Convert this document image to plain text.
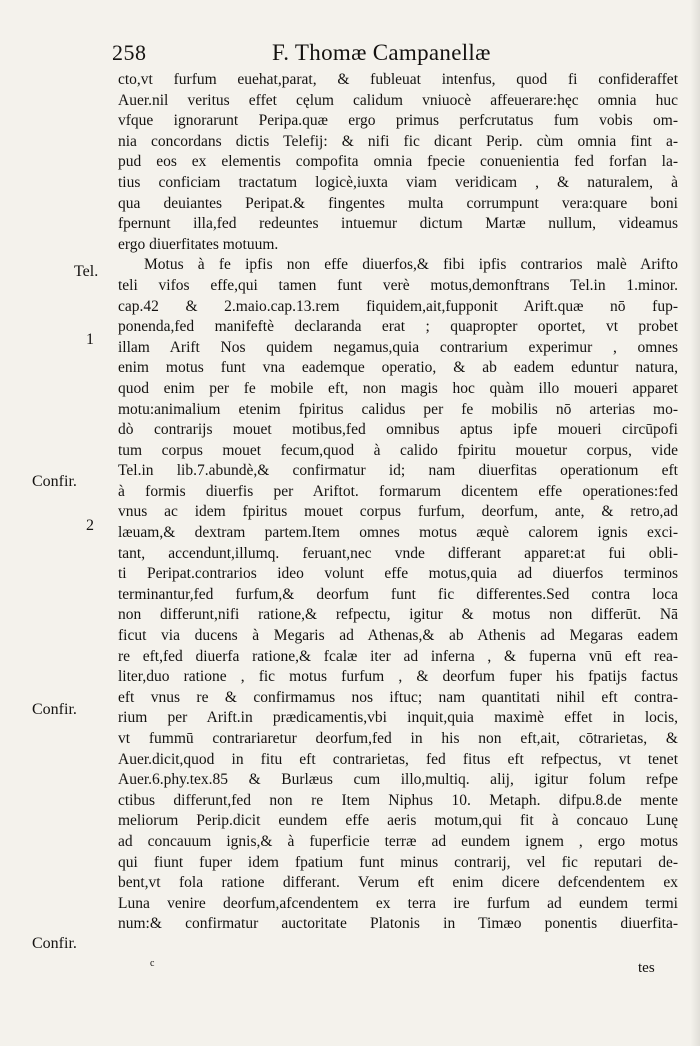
258	F. Thomæ Campanellæ
cto,vt furfum euehat,parat, & fubleuat intenfus, quod fi confideraffet
Auer.nil veritus effet cęlum calidum vniuocè affeuerare:hęc omnia huc
vfque ignorarunt Peripa.quæ ergo primus perfcrutatus fum vobis om-
nia concordans dictis Telefij: & nifi fic dicant Perip. cùm omnia fint a-
pud eos ex elementis compofita omnia fpecie conuenientia fed forfan la-
tius conficiam tractatum logicè,iuxta viam veridicam , & naturalem, à
qua deuiantes Peripat.& fingentes multa corrumpunt vera:quare boni
fpernunt illa,fed redeuntes intuemur dictum Martæ nullum, videamus
ergo diuerfitates motuum.
Motus à fe ipfis non effe diuerfos,& fibi ipfis contrarios malè Arifto
teli vifos effe,qui tamen funt verè motus,demonftrans Tel.in 1.minor.
cap.42 & 2.maio.cap.13.rem fiquidem,ait,fupponit Arift.quæ nō fup-
ponenda,fed manifeftè declaranda erat ; quapropter oportet, vt probet
illam Arift Nos quidem negamus,quia contrarium experimur , omnes
enim motus funt vna eademque operatio, & ab eadem eduntur natura,
quod enim per fe mobile eft, non magis hoc quàm illo moueri apparet
motu:animalium etenim fpiritus calidus per fe mobilis nō arterias mo-
dò contrarijs mouet motibus,fed omnibus aptus ipfe moueri circūpofi
tum corpus mouet fecum,quod à calido fpiritu mouetur corpus, vide
Tel.in lib.7.abundè,& confirmatur id; nam diuerfitas operationum eft
à formis diuerfis per Ariftot. formarum dicentem effe operationes:fed
vnus ac idem fpiritus mouet corpus furfum, deorfum, ante, & retro,ad
læuam,& dextram partem.Item omnes motus æquè calorem ignis exci-
tant, accendunt,illumq. feruant,nec vnde differant apparet:at fui obli-
ti Peripat.contrarios ideo volunt effe motus,quia ad diuerfos terminos
terminantur,fed furfum,& deorfum funt fic differentes.Sed contra loca
non differunt,nifi ratione,& refpectu, igitur & motus non differūt. Nā
ficut via ducens à Megaris ad Athenas,& ab Athenis ad Megaras eadem
re eft,fed diuerfa ratione,& fcalæ iter ad inferna , & fuperna vnū eft rea-
liter,duo ratione , fic motus furfum , & deorfum fuper his fpatijs factus
eft vnus re & confirmamus nos iftuc; nam quantitati nihil eft contra-
rium per Arift.in prædicamentis,vbi inquit,quia maximè effet in locis,
vt fummū contrariaretur deorfum,fed in his non eft,ait, cōtrarietas, &
Auer.dicit,quod in fitu eft contrarietas, fed fitus eft refpectus, vt tenet
Auer.6.phy.tex.85 & Burlæus cum illo,multiq. alij, igitur folum refpe
ctibus differunt,fed non re Item Niphus 10. Metaph. difpu.8.de mente
meliorum Perip.dicit eundem effe aeris motum,qui fit à concauo Lunę
ad concauum ignis,& à fuperficie terræ ad eundem ignem , ergo motus
qui fiunt fuper idem fpatium funt minus contrarij, vel fic reputari de-
bent,vt fola ratione differant. Verum eft enim dicere defcendentem ex
Luna venire deorfum,afcendentem ex terra ire furfum ad eundem termi
num:& confirmatur auctoritate Platonis in Timæo ponentis diuerfita-
Tel.
1
Confir.
2
Confir.
Confir.
c	tes
